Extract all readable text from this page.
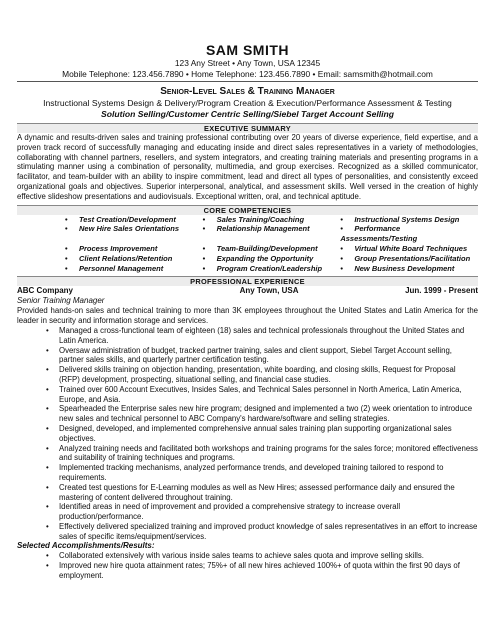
SAM SMITH
123 Any Street • Any Town, USA 12345
Mobile Telephone: 123.456.7890 • Home Telephone: 123.456.7890 • Email: samsmith@hotmail.com
Senior-Level Sales & Training Manager
Instructional Systems Design & Delivery/Program Creation & Execution/Performance Assessment & Testing
Solution Selling/Customer Centric Selling/Siebel Target Account Selling
EXECUTIVE SUMMARY
A dynamic and results-driven sales and training professional contributing over 20 years of diverse experience, field expertise, and a proven track record of successfully managing and educating inside and direct sales representatives in a variety of methodologies, collaborating with channel partners, resellers, and system integrators, and creating training materials and presenting programs in a stimulating manner using a combination of personality, multimedia, and group exercises. Recognized as a skilled communicator, facilitator, and team-builder with an ability to inspire commitment, lead and direct all types of personalities, and consistently exceed organizational goals and objectives. Superior interpersonal, analytical, and assessment skills. Well versed in the creation of highly effective slideshow presentations and audiovisuals. Exceptional written, oral, and technical aptitude.
CORE COMPETENCIES
• Test Creation/Development	• Sales Training/Coaching	• Instructional Systems Design
• New Hire Sales Orientations	• Relationship Management	• Performance Assessments/Testing
• Process Improvement	• Team-Building/Development	• Virtual White Board Techniques
• Client Relations/Retention	• Expanding the Opportunity	• Group Presentations/Facilitation
• Personnel Management	• Program Creation/Leadership	• New Business Development
PROFESSIONAL EXPERIENCE
ABC Company	Any Town, USA	Jun. 1999 - Present
Senior Training Manager
Provided hands-on sales and technical training to more than 3K employees throughout the United States and Latin America for the leader in security and information storage and services.
• Managed a cross-functional team of eighteen (18) sales and technical professionals throughout the United States and Latin America.
• Oversaw administration of budget, tracked partner training, sales and client support, Siebel Target Account selling, partner sales skills, and quarterly partner certification testing.
• Delivered skills training on objection handing, presentation, white boarding, and closing skills, Request for Proposal (RFP) development, prospecting, situational selling, and financial case studies.
• Trained over 600 Account Executives, Insides Sales, and Technical Sales personnel in North America, Latin America, Europe, and Asia.
• Spearheaded the Enterprise sales new hire program; designed and implemented a two (2) week orientation to introduce new sales and technical personnel to ABC Company's hardware/software and selling strategies.
• Designed, developed, and implemented comprehensive annual sales training plan supporting organizational sales objectives.
• Analyzed training needs and facilitated both workshops and training programs for the sales force; monitored effectiveness and suitability of training techniques and programs.
• Implemented tracking mechanisms, analyzed performance trends, and developed training tailored to respond to requirements.
• Created test questions for E-Learning modules as well as New Hires; assessed performance daily and ensured the mastering of content delivered throughout training.
• Identified areas in need of improvement and provided a comprehensive strategy to increase overall production/performance.
• Effectively delivered specialized training and improved product knowledge of sales representatives in an effort to increase sales of specific items/equipment/services.
Selected Accomplishments/Results:
• Collaborated extensively with various inside sales teams to achieve sales quota and improve selling skills.
• Improved new hire quota attainment rates; 75%+ of all new hires achieved 100%+ of quota within the first 90 days of employment.
